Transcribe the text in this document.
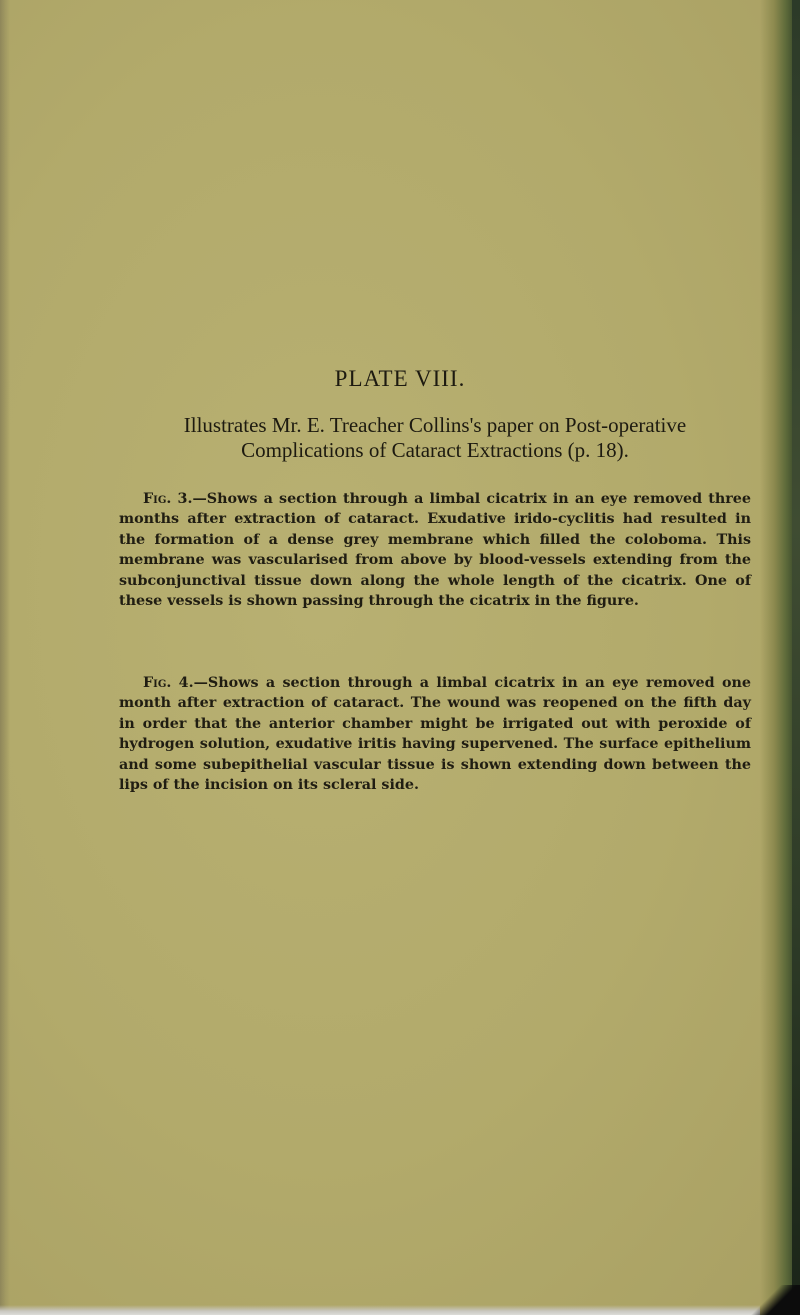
PLATE VIII.

Illustrates Mr. E. Treacher Collins's paper on Post-operative
Complications of Cataract Extractions (p. 18).

Fig. 3.—Shows a section through a limbal cicatrix in an eye removed three months after extraction of cataract. Exudative irido-cyclitis had resulted in the formation of a dense grey membrane which filled the coloboma. This membrane was vascularised from above by blood-vessels extending from the subconjunctival tissue down along the whole length of the cicatrix. One of these vessels is shown passing through the cicatrix in the figure.

Fig. 4.—Shows a section through a limbal cicatrix in an eye removed one month after extraction of cataract. The wound was reopened on the fifth day in order that the anterior chamber might be irrigated out with peroxide of hydrogen solution, exudative iritis having supervened. The surface epithelium and some subepithelial vascular tissue is shown extending down between the lips of the incision on its scleral side.
